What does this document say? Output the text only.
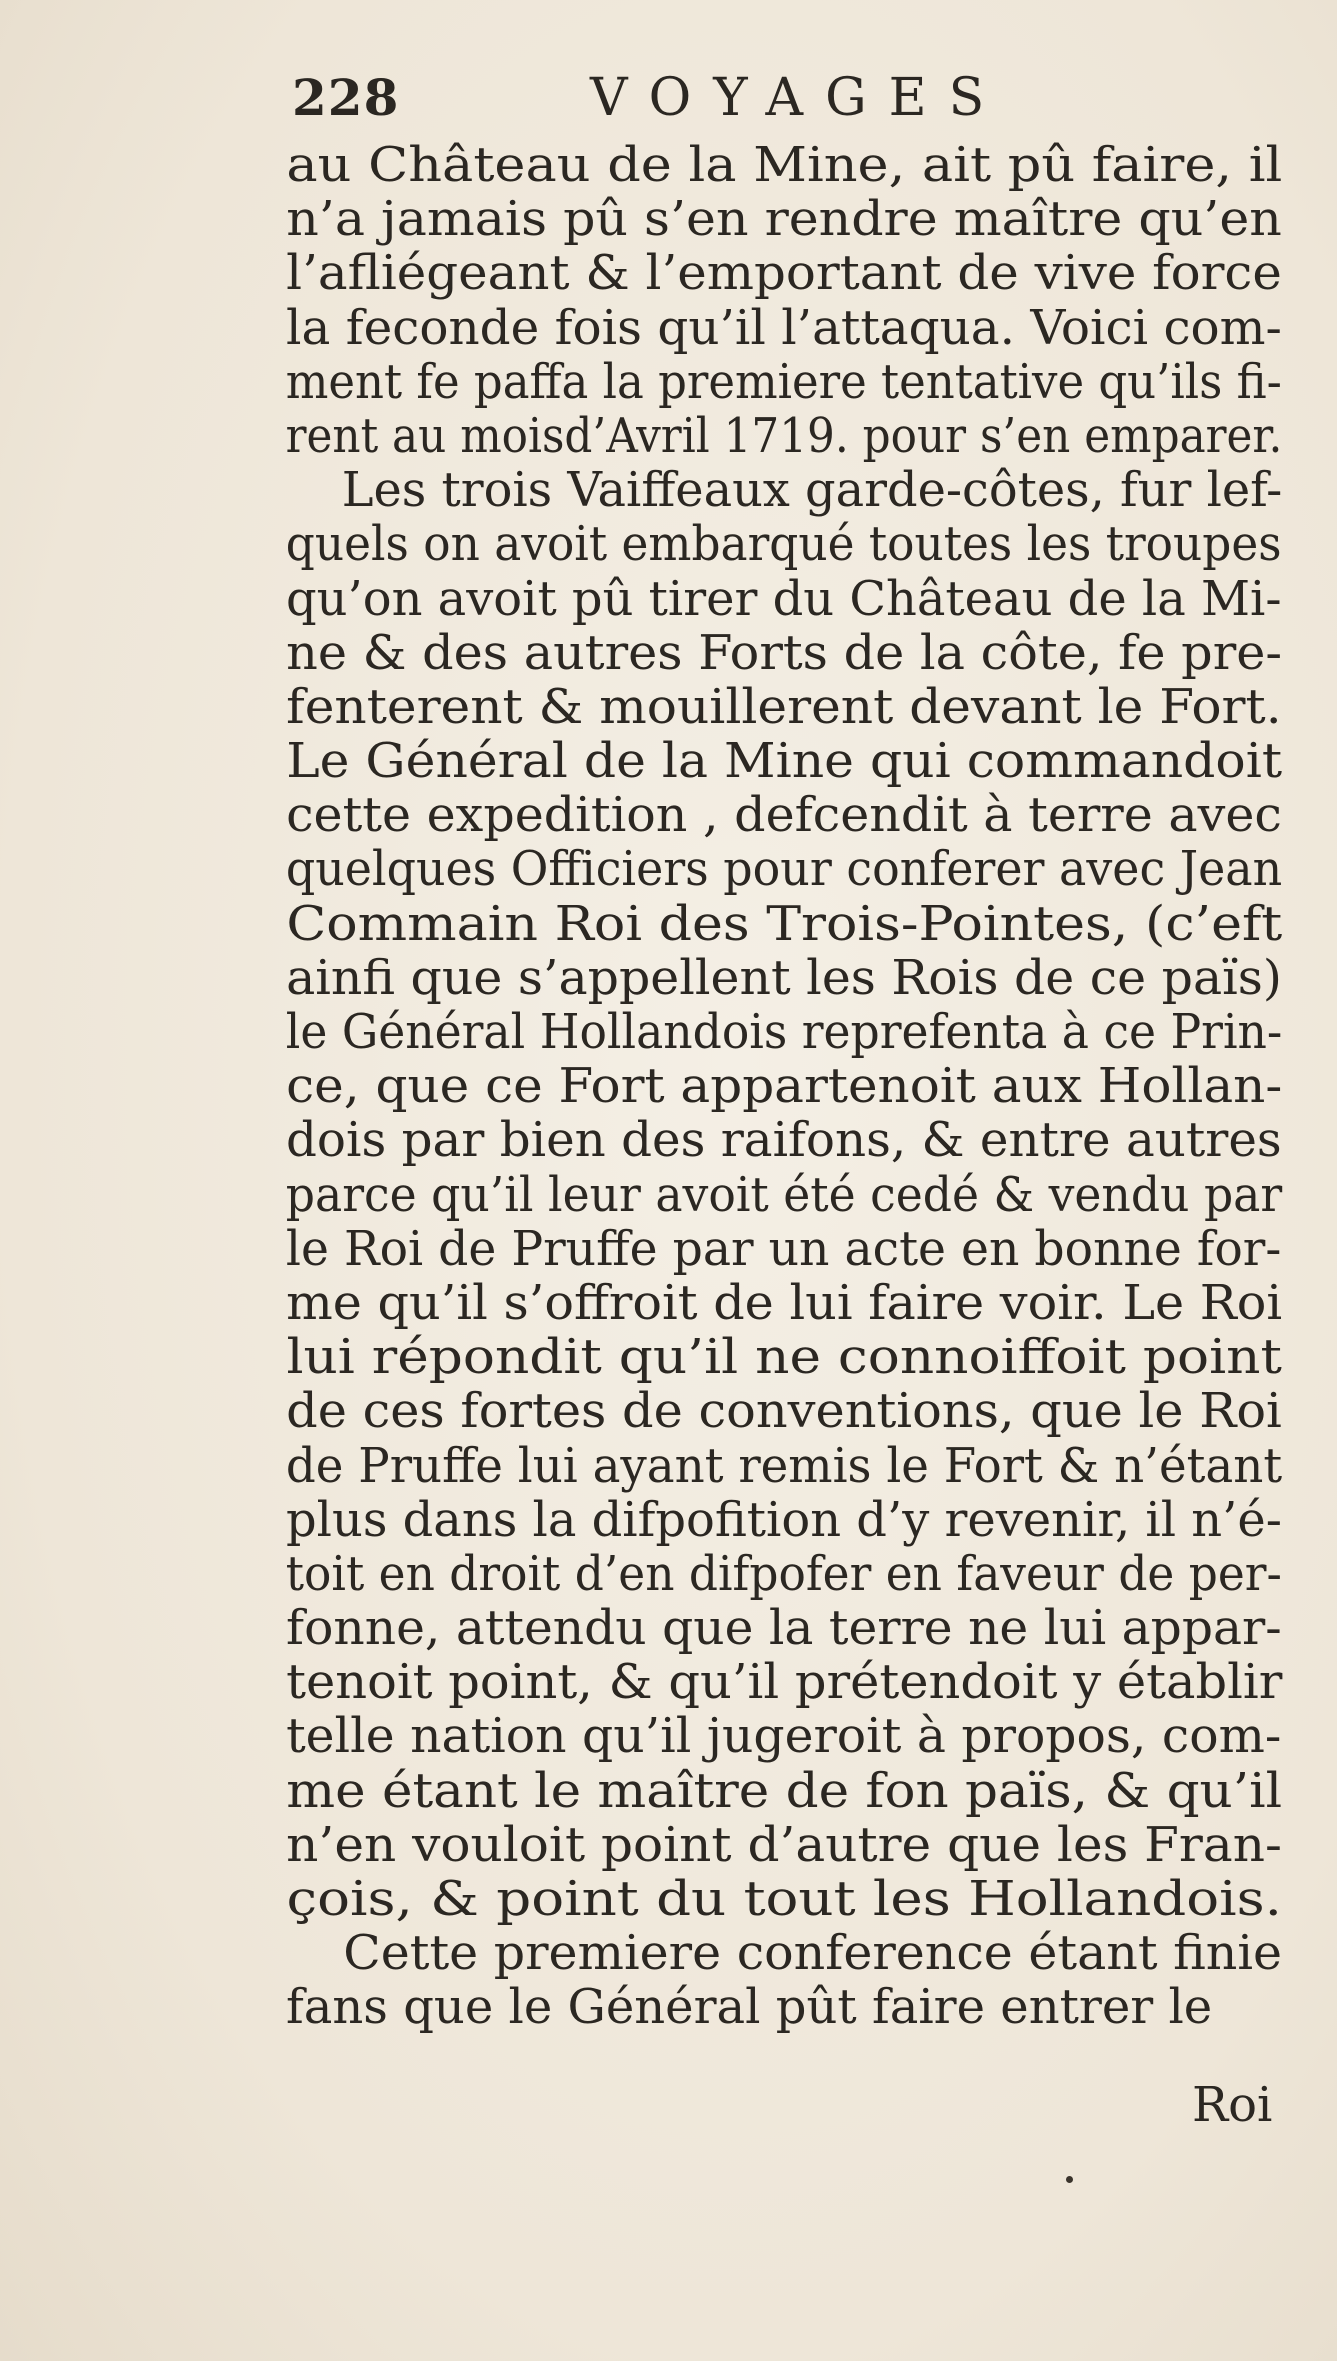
228	VOYAGES
au Château de la Mine, ait pû faire, il
n’a jamais pû s’en rendre maître qu’en
l’afliégeant & l’emportant de vive force
la feconde fois qu’il l’attaqua. Voici com-
ment fe paffa la premiere tentative qu’ils fi-
rent au moisd’Avril 1719. pour s’en emparer.
Les trois Vaiffeaux garde-côtes, fur lef-
quels on avoit embarqué toutes les troupes
qu’on avoit pû tirer du Château de la Mi-
ne & des autres Forts de la côte, fe pre-
fenterent & mouillerent devant le Fort.
Le Général de la Mine qui commandoit
cette expedition , defcendit à terre avec
quelques Officiers pour conferer avec Jean
Commain Roi des Trois-Pointes, (c’eft
ainfi que s’appellent les Rois de ce païs)
le Général Hollandois reprefenta à ce Prin-
ce, que ce Fort appartenoit aux Hollan-
dois par bien des raifons, & entre autres
parce qu’il leur avoit été cedé & vendu par
le Roi de Pruffe par un acte en bonne for-
me qu’il s’offroit de lui faire voir. Le Roi
lui répondit qu’il ne connoiffoit point
de ces fortes de conventions, que le Roi
de Pruffe lui ayant remis le Fort & n’étant
plus dans la difpofition d’y revenir, il n’é-
toit en droit d’en difpofer en faveur de per-
fonne, attendu que la terre ne lui appar-
tenoit point, & qu’il prétendoit y établir
telle nation qu’il jugeroit à propos, com-
me étant le maître de fon païs, & qu’il
n’en vouloit point d’autre que les Fran-
çois, & point du tout les Hollandois.
Cette premiere conference étant finie
fans que le Général pût faire entrer le
Roi
